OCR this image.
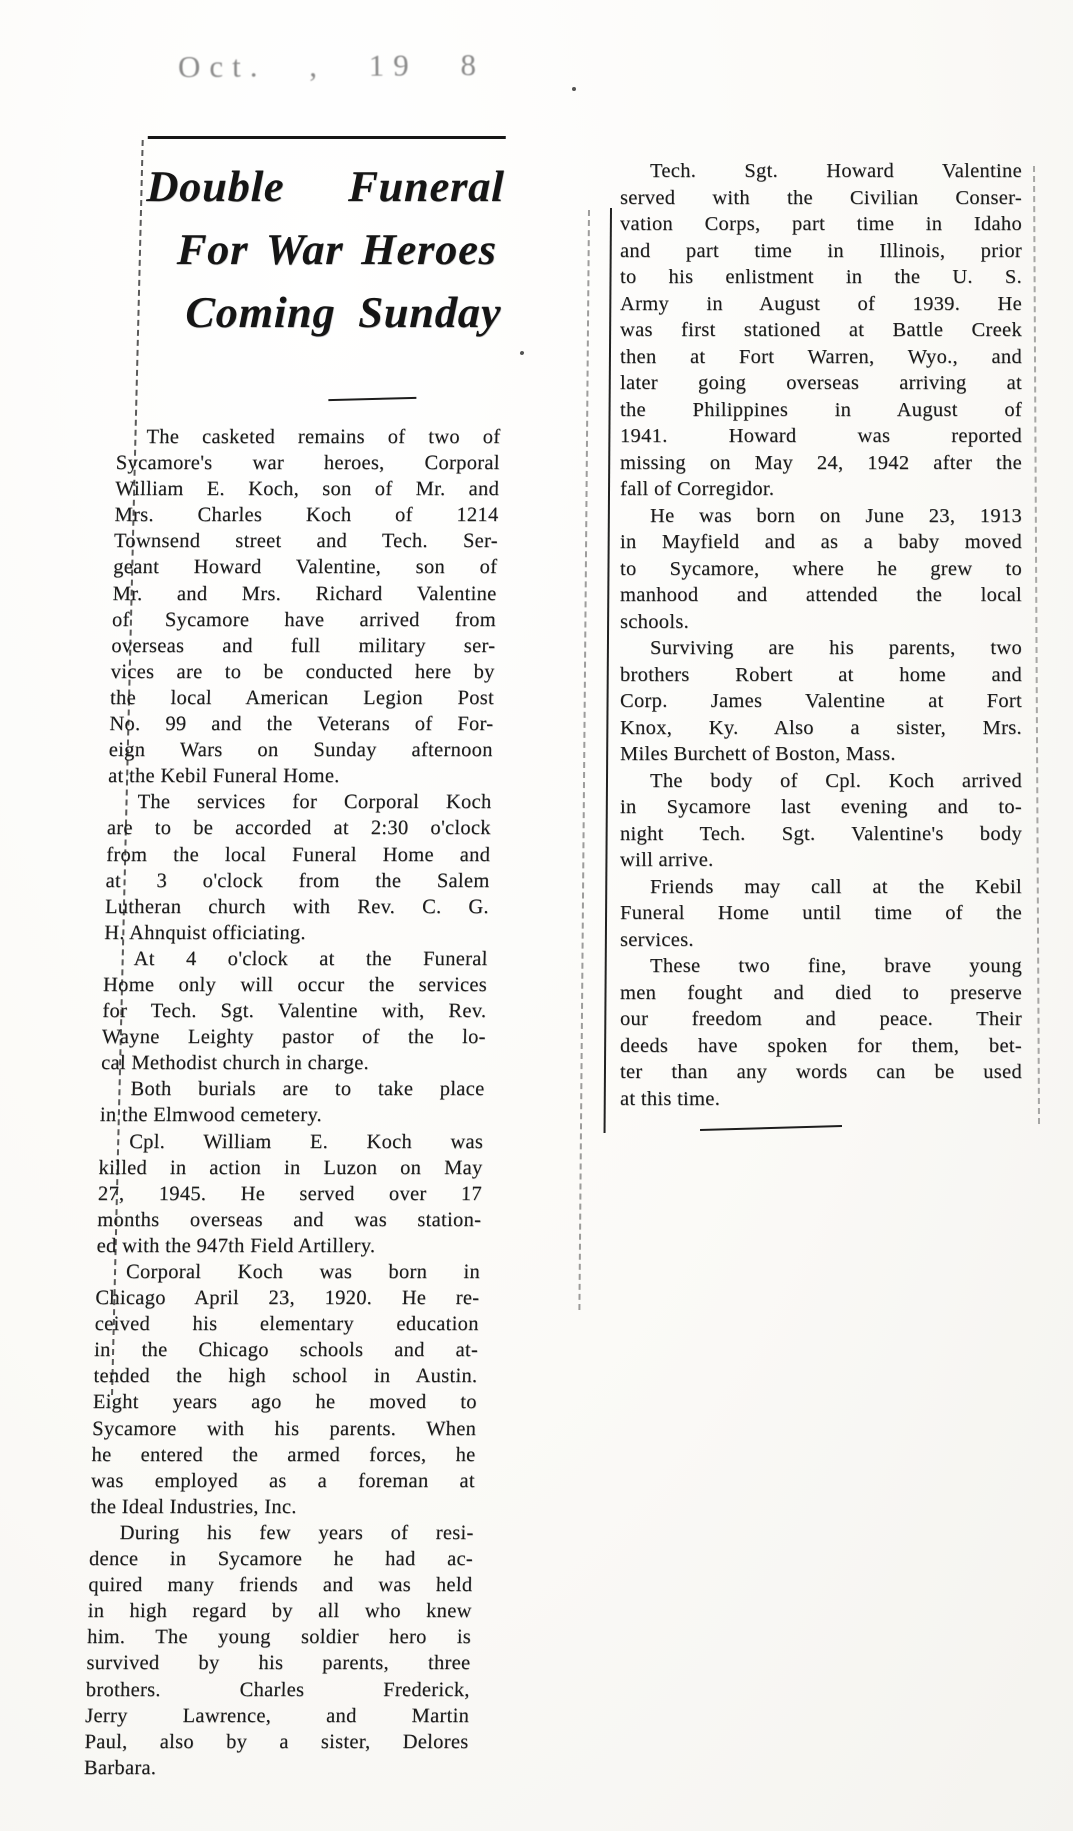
Oct. , 19 8
Double Funeral
For War Heroes
Coming Sunday
The casketed remains of two of
Sycamore's war heroes, Corporal
William E. Koch, son of Mr. and
Mrs. Charles Koch of 1214
Townsend street and Tech. Ser-
geant Howard Valentine, son of
Mr. and Mrs. Richard Valentine
of Sycamore have arrived from
overseas and full military ser-
vices are to be conducted here by
the local American Legion Post
No. 99 and the Veterans of For-
eign Wars on Sunday afternoon
at the Kebil Funeral Home.
The services for Corporal Koch
are to be accorded at 2:30 o'clock
from the local Funeral Home and
at 3 o'clock from the Salem
Lutheran church with Rev. C. G.
H. Ahnquist officiating.
At 4 o'clock at the Funeral
Home only will occur the services
for Tech. Sgt. Valentine with, Rev.
Wayne Leighty pastor of the lo-
cal Methodist church in charge.
Both burials are to take place
in the Elmwood cemetery.
Cpl. William E. Koch was
killed in action in Luzon on May
27, 1945. He served over 17
months overseas and was station-
ed with the 947th Field Artillery.
Corporal Koch was born in
Chicago April 23, 1920. He re-
ceived his elementary education
in the Chicago schools and at-
tended the high school in Austin.
Eight years ago he moved to
Sycamore with his parents. When
he entered the armed forces, he
was employed as a foreman at
the Ideal Industries, Inc.
During his few years of resi-
dence in Sycamore he had ac-
quired many friends and was held
in high regard by all who knew
him. The young soldier hero is
survived by his parents, three
brothers. Charles Frederick,
Jerry Lawrence, and Martin
Paul, also by a sister, Delores
Barbara.
Tech. Sgt. Howard Valentine
served with the Civilian Conser-
vation Corps, part time in Idaho
and part time in Illinois, prior
to his enlistment in the U. S.
Army in August of 1939. He
was first stationed at Battle Creek
then at Fort Warren, Wyo., and
later going overseas arriving at
the Philippines in August of
1941. Howard was reported
missing on May 24, 1942 after the
fall of Corregidor.
He was born on June 23, 1913
in Mayfield and as a baby moved
to Sycamore, where he grew to
manhood and attended the local
schools.
Surviving are his parents, two
brothers Robert at home and
Corp. James Valentine at Fort
Knox, Ky. Also a sister, Mrs.
Miles Burchett of Boston, Mass.
The body of Cpl. Koch arrived
in Sycamore last evening and to-
night Tech. Sgt. Valentine's body
will arrive.
Friends may call at the Kebil
Funeral Home until time of the
services.
These two fine, brave young
men fought and died to preserve
our freedom and peace. Their
deeds have spoken for them, bet-
ter than any words can be used
at this time.
